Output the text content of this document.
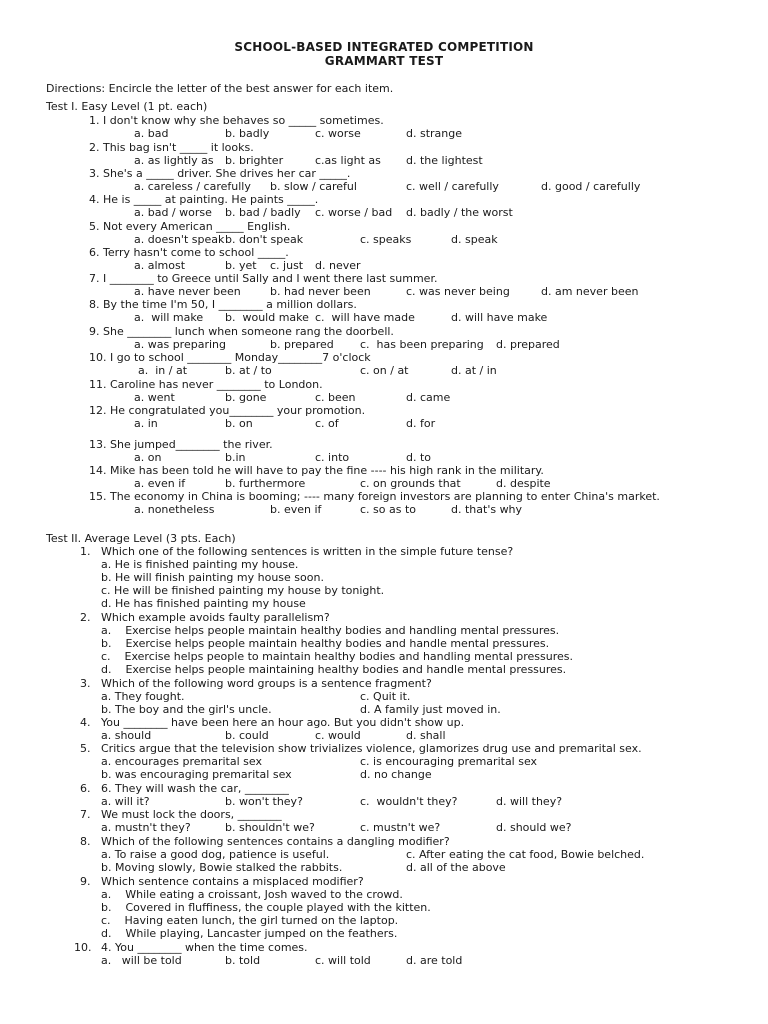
SCHOOL-BASED INTEGRATED COMPETITION
GRAMMART TEST
Directions: Encircle the letter of the best answer for each item.
Test I. Easy Level (1 pt. each)
1. I don't know why she behaves so _____ sometimes.
a. bad	b. badly	c. worse	d. strange
2. This bag isn't _____ it looks.
a. as lightly as b. brighter	c.as light as d. the lightest
3. She's a _____ driver. She drives her car _____.
a. careless / carefully b. slow / careful	c. well / carefully	d. good / carefully
4. He is _____ at painting. He paints _____.
a. bad / worse b. bad / badly c. worse / bad d. badly / the worst
5. Not every American _____ English.
a. doesn't speak b. don't speak	c. speaks	d. speak
6. Terry hasn't come to school _____.
a. almost	b. yet c. just d. never
7. I ________ to Greece until Sally and I went there last summer.
a. have never been	b. had never been	c. was never being	d. am never been
8. By the time I'm 50, I ________ a million dollars.
a.  will make b.  would make c.  will have made	d. will have make
9. She ________ lunch when someone rang the doorbell.
a. was preparing	b. prepared c.  has been preparing d. prepared
10. I go to school ________ Monday________7 o'clock
a.  in / at	b. at / to	c. on / at	d. at / in
11. Caroline has never ________ to London.
a. went	b. gone	c. been	d. came
12. He congratulated you________ your promotion.
a. in	b. on	c. of	d. for
13. She jumped________ the river.
a. on	b.in	c. into	d. to
14. Mike has been told he will have to pay the fine ---- his high rank in the military.
a. even if	b. furthermore	c. on grounds that	d. despite
15. The economy in China is booming; ---- many foreign investors are planning to enter China's market.
a. nonetheless	b. even if	c. so as to	d. that's why
Test II. Average Level (3 pts. Each)
1. Which one of the following sentences is written in the simple future tense?
a. He is finished painting my house.
b. He will finish painting my house soon.
c. He will be finished painting my house by tonight.
d. He has finished painting my house
2. Which example avoids faulty parallelism?
a.    Exercise helps people maintain healthy bodies and handling mental pressures.
b.    Exercise helps people maintain healthy bodies and handle mental pressures.
c.    Exercise helps people to maintain healthy bodies and handling mental pressures.
d.    Exercise helps people maintaining healthy bodies and handle mental pressures.
3. Which of the following word groups is a sentence fragment?
a. They fought.	c. Quit it.
b. The boy and the girl's uncle.	d. A family just moved in.
4. You ________ have been here an hour ago. But you didn't show up.
a. should	b. could	c. would	d. shall
5. Critics argue that the television show trivializes violence, glamorizes drug use and premarital sex.
a. encourages premarital sex	c. is encouraging premarital sex
b. was encouraging premarital sex	d. no change
6. 6. They will wash the car, ________
a. will it?	b. won't they?	c.  wouldn't they?	d. will they?
7. We must lock the doors, ________
a. mustn't they?	b. shouldn't we?	c. mustn't we?	d. should we?
8. Which of the following sentences contains a dangling modifier?
a. To raise a good dog, patience is useful.	c. After eating the cat food, Bowie belched.
b. Moving slowly, Bowie stalked the rabbits.	d. all of the above
9. Which sentence contains a misplaced modifier?
a.    While eating a croissant, Josh waved to the crowd.
b.    Covered in fluffiness, the couple played with the kitten.
c.    Having eaten lunch, the girl turned on the laptop.
d.    While playing, Lancaster jumped on the feathers.
10. 4. You ________ when the time comes.
a.   will be told	b. told	c. will told	d. are told
